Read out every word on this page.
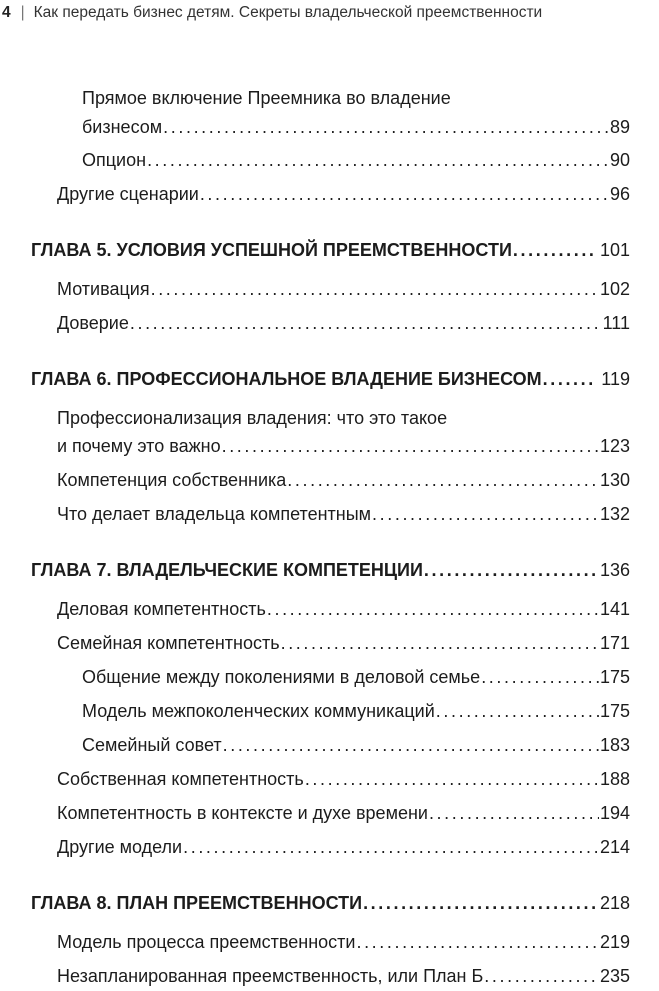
4 | Как передать бизнес детям. Секреты владельческой преемственности
Прямое включение Преемника во владение
бизнесом . . .	89
Опцион . . .	90
Другие сценарии . . .	96
ГЛАВА 5. УСЛОВИЯ УСПЕШНОЙ ПРЕЕМСТВЕННОСТИ . . .	101
Мотивация . . .	102
Доверие . . .	111
ГЛАВА 6. ПРОФЕССИОНАЛЬНОЕ ВЛАДЕНИЕ БИЗНЕСОМ . . .	119
Профессионализация владения: что это такое
и почему это важно . . .	123
Компетенция собственника . . .	130
Что делает владельца компетентным . . .	132
ГЛАВА 7. ВЛАДЕЛЬЧЕСКИЕ КОМПЕТЕНЦИИ . . .	136
Деловая компетентность . . .	141
Семейная компетентность . . .	171
Общение между поколениями в деловой семье . . .	175
Модель межпоколенческих коммуникаций . . .	175
Семейный совет . . .	183
Собственная компетентность . . .	188
Компетентность в контексте и духе времени . . .	194
Другие модели . . .	214
ГЛАВА 8. ПЛАН ПРЕЕМСТВЕННОСТИ . . .	218
Модель процесса преемственности . . .	219
Незапланированная преемственность, или План Б . . .	235
